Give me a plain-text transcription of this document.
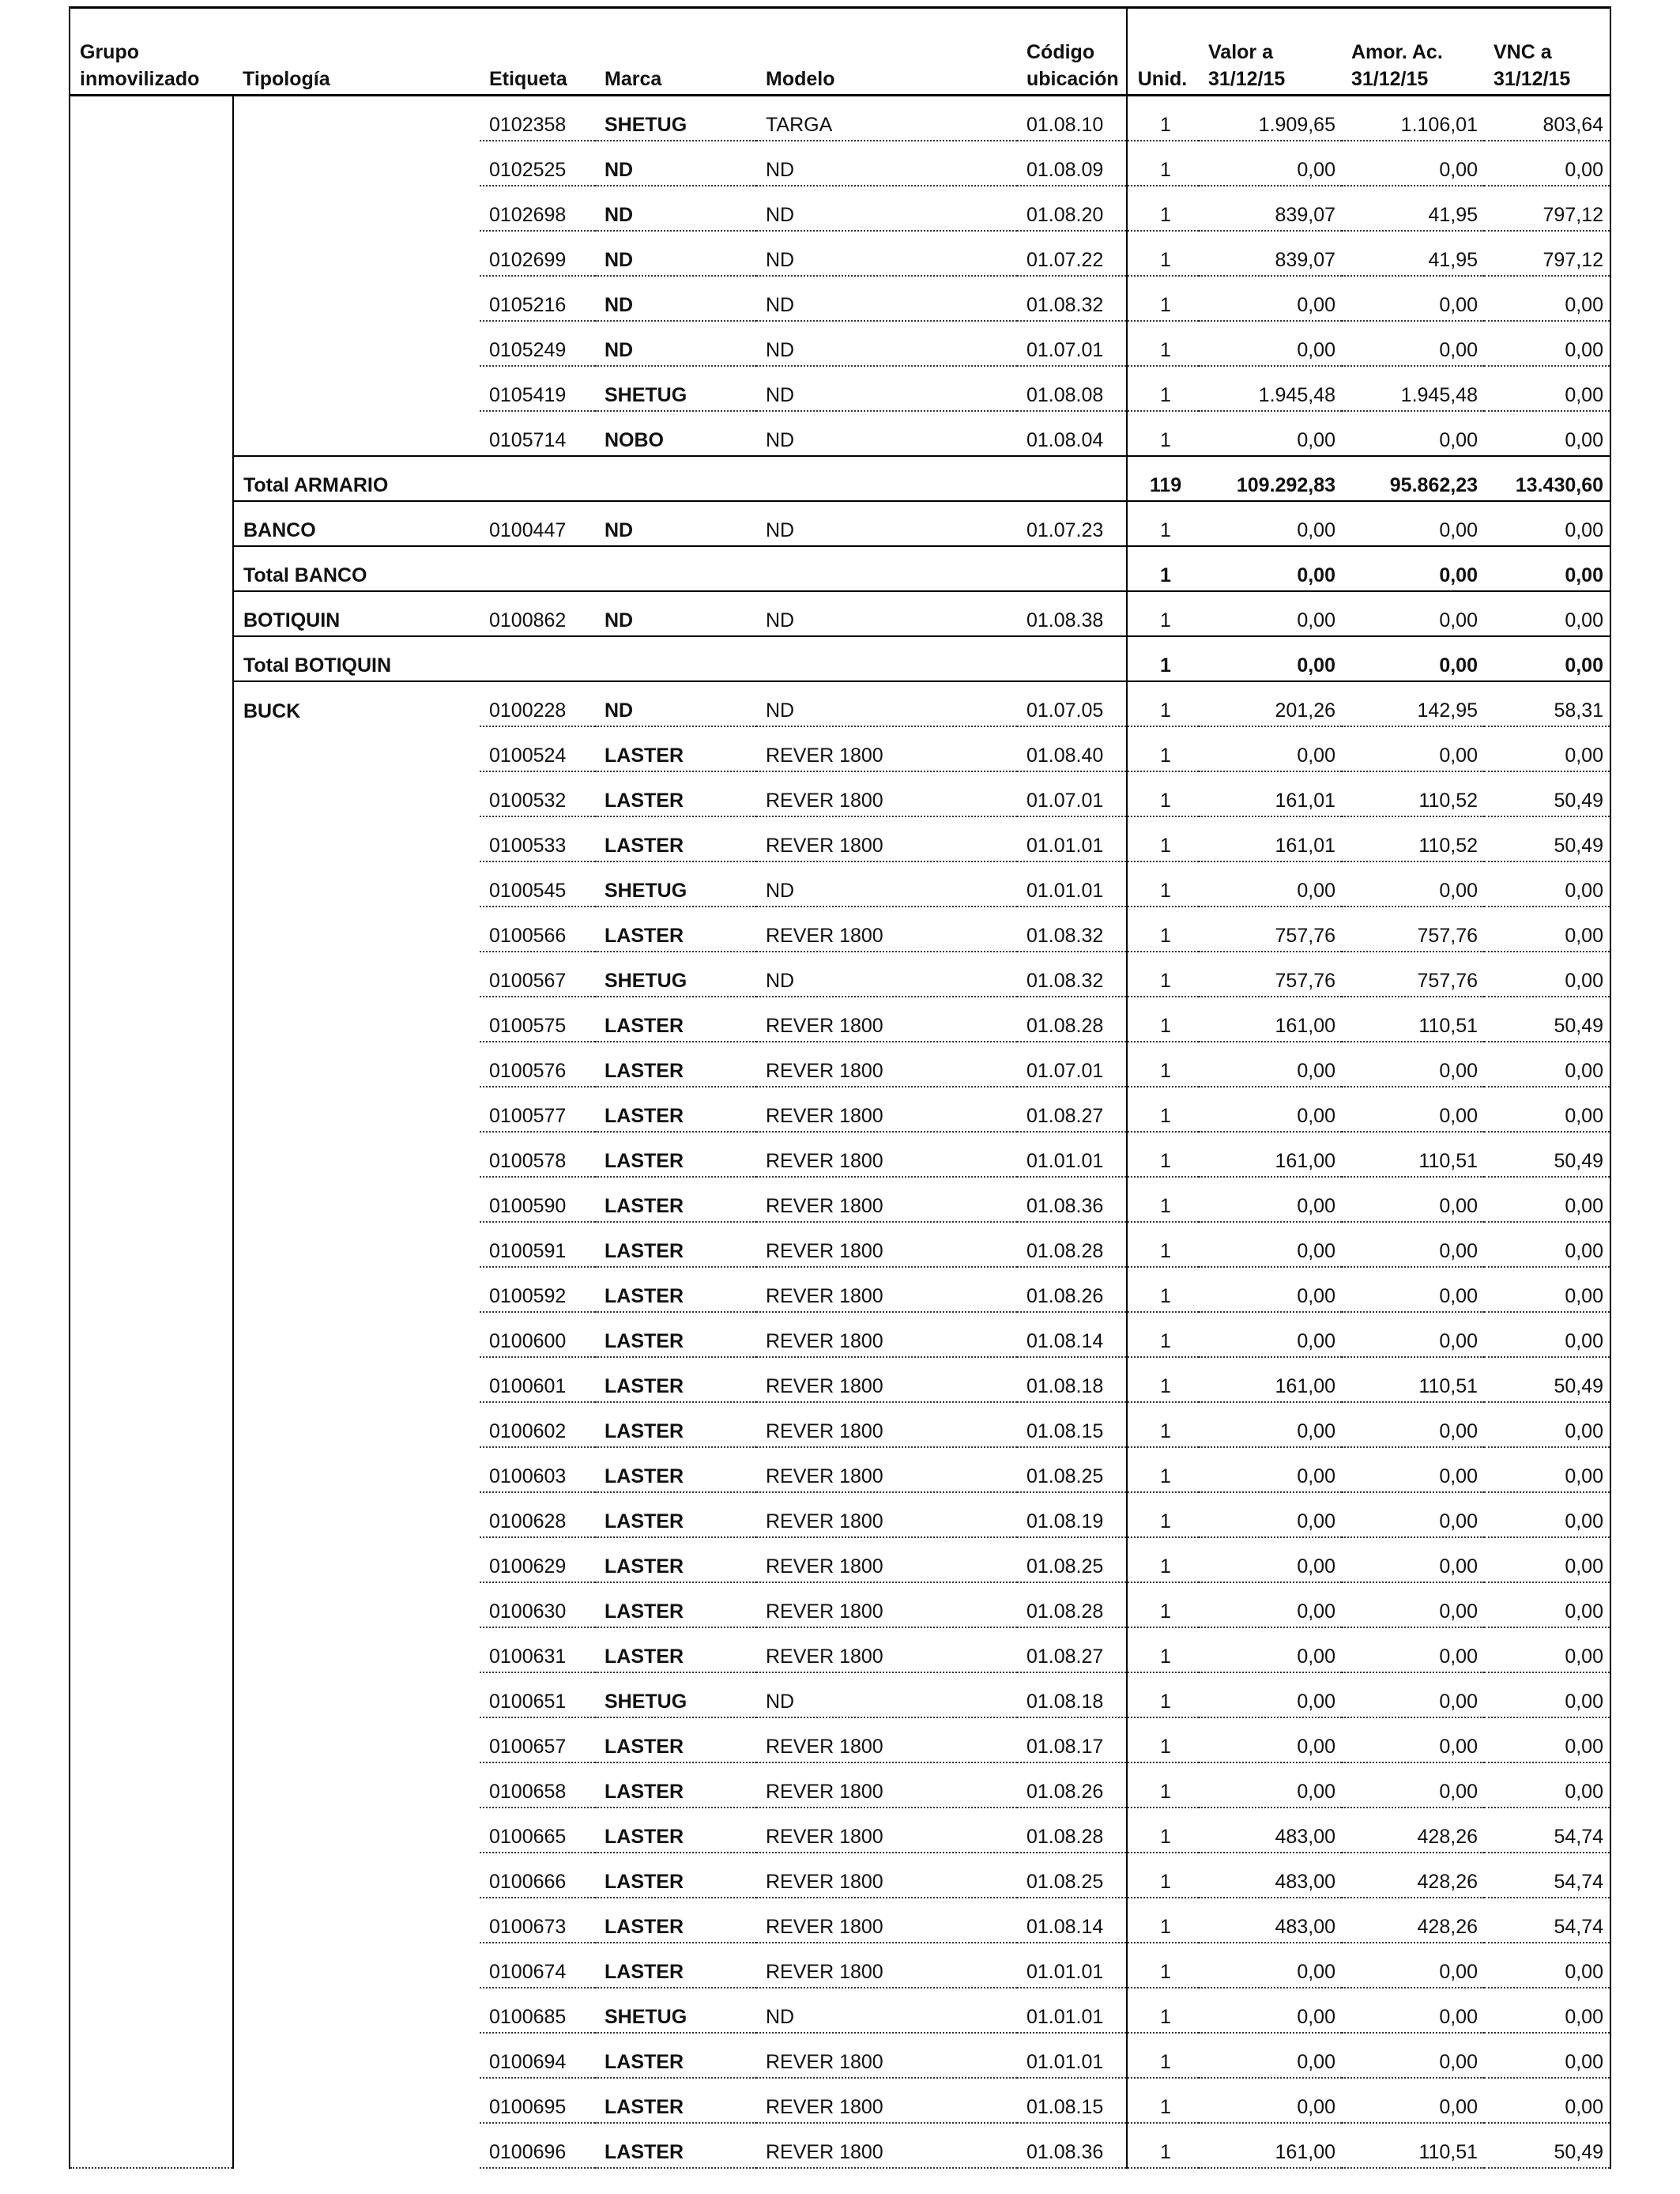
Grupo inmovilizado	Tipología	Etiqueta	Marca	Modelo	Código ubicación	Unid.	Valor a 31/12/15	Amor. Ac. 31/12/15	VNC a 31/12/15
		0102358	SHETUG	TARGA	01.08.10	1	1.909,65	1.106,01	803,64
		0102525	ND	ND	01.08.09	1	0,00	0,00	0,00
		0102698	ND	ND	01.08.20	1	839,07	41,95	797,12
		0102699	ND	ND	01.07.22	1	839,07	41,95	797,12
		0105216	ND	ND	01.08.32	1	0,00	0,00	0,00
		0105249	ND	ND	01.07.01	1	0,00	0,00	0,00
		0105419	SHETUG	ND	01.08.08	1	1.945,48	1.945,48	0,00
		0105714	NOBO	ND	01.08.04	1	0,00	0,00	0,00
	Total ARMARIO					119	109.292,83	95.862,23	13.430,60
	BANCO	0100447	ND	ND	01.07.23	1	0,00	0,00	0,00
	Total BANCO					1	0,00	0,00	0,00
	BOTIQUIN	0100862	ND	ND	01.08.38	1	0,00	0,00	0,00
	Total BOTIQUIN					1	0,00	0,00	0,00
	BUCK	0100228	ND	ND	01.07.05	1	201,26	142,95	58,31
		0100524	LASTER	REVER 1800	01.08.40	1	0,00	0,00	0,00
		0100532	LASTER	REVER 1800	01.07.01	1	161,01	110,52	50,49
		0100533	LASTER	REVER 1800	01.01.01	1	161,01	110,52	50,49
		0100545	SHETUG	ND	01.01.01	1	0,00	0,00	0,00
		0100566	LASTER	REVER 1800	01.08.32	1	757,76	757,76	0,00
		0100567	SHETUG	ND	01.08.32	1	757,76	757,76	0,00
		0100575	LASTER	REVER 1800	01.08.28	1	161,00	110,51	50,49
		0100576	LASTER	REVER 1800	01.07.01	1	0,00	0,00	0,00
		0100577	LASTER	REVER 1800	01.08.27	1	0,00	0,00	0,00
		0100578	LASTER	REVER 1800	01.01.01	1	161,00	110,51	50,49
		0100590	LASTER	REVER 1800	01.08.36	1	0,00	0,00	0,00
		0100591	LASTER	REVER 1800	01.08.28	1	0,00	0,00	0,00
		0100592	LASTER	REVER 1800	01.08.26	1	0,00	0,00	0,00
		0100600	LASTER	REVER 1800	01.08.14	1	0,00	0,00	0,00
		0100601	LASTER	REVER 1800	01.08.18	1	161,00	110,51	50,49
		0100602	LASTER	REVER 1800	01.08.15	1	0,00	0,00	0,00
		0100603	LASTER	REVER 1800	01.08.25	1	0,00	0,00	0,00
		0100628	LASTER	REVER 1800	01.08.19	1	0,00	0,00	0,00
		0100629	LASTER	REVER 1800	01.08.25	1	0,00	0,00	0,00
		0100630	LASTER	REVER 1800	01.08.28	1	0,00	0,00	0,00
		0100631	LASTER	REVER 1800	01.08.27	1	0,00	0,00	0,00
		0100651	SHETUG	ND	01.08.18	1	0,00	0,00	0,00
		0100657	LASTER	REVER 1800	01.08.17	1	0,00	0,00	0,00
		0100658	LASTER	REVER 1800	01.08.26	1	0,00	0,00	0,00
		0100665	LASTER	REVER 1800	01.08.28	1	483,00	428,26	54,74
		0100666	LASTER	REVER 1800	01.08.25	1	483,00	428,26	54,74
		0100673	LASTER	REVER 1800	01.08.14	1	483,00	428,26	54,74
		0100674	LASTER	REVER 1800	01.01.01	1	0,00	0,00	0,00
		0100685	SHETUG	ND	01.01.01	1	0,00	0,00	0,00
		0100694	LASTER	REVER 1800	01.01.01	1	0,00	0,00	0,00
		0100695	LASTER	REVER 1800	01.08.15	1	0,00	0,00	0,00
		0100696	LASTER	REVER 1800	01.08.36	1	161,00	110,51	50,49
